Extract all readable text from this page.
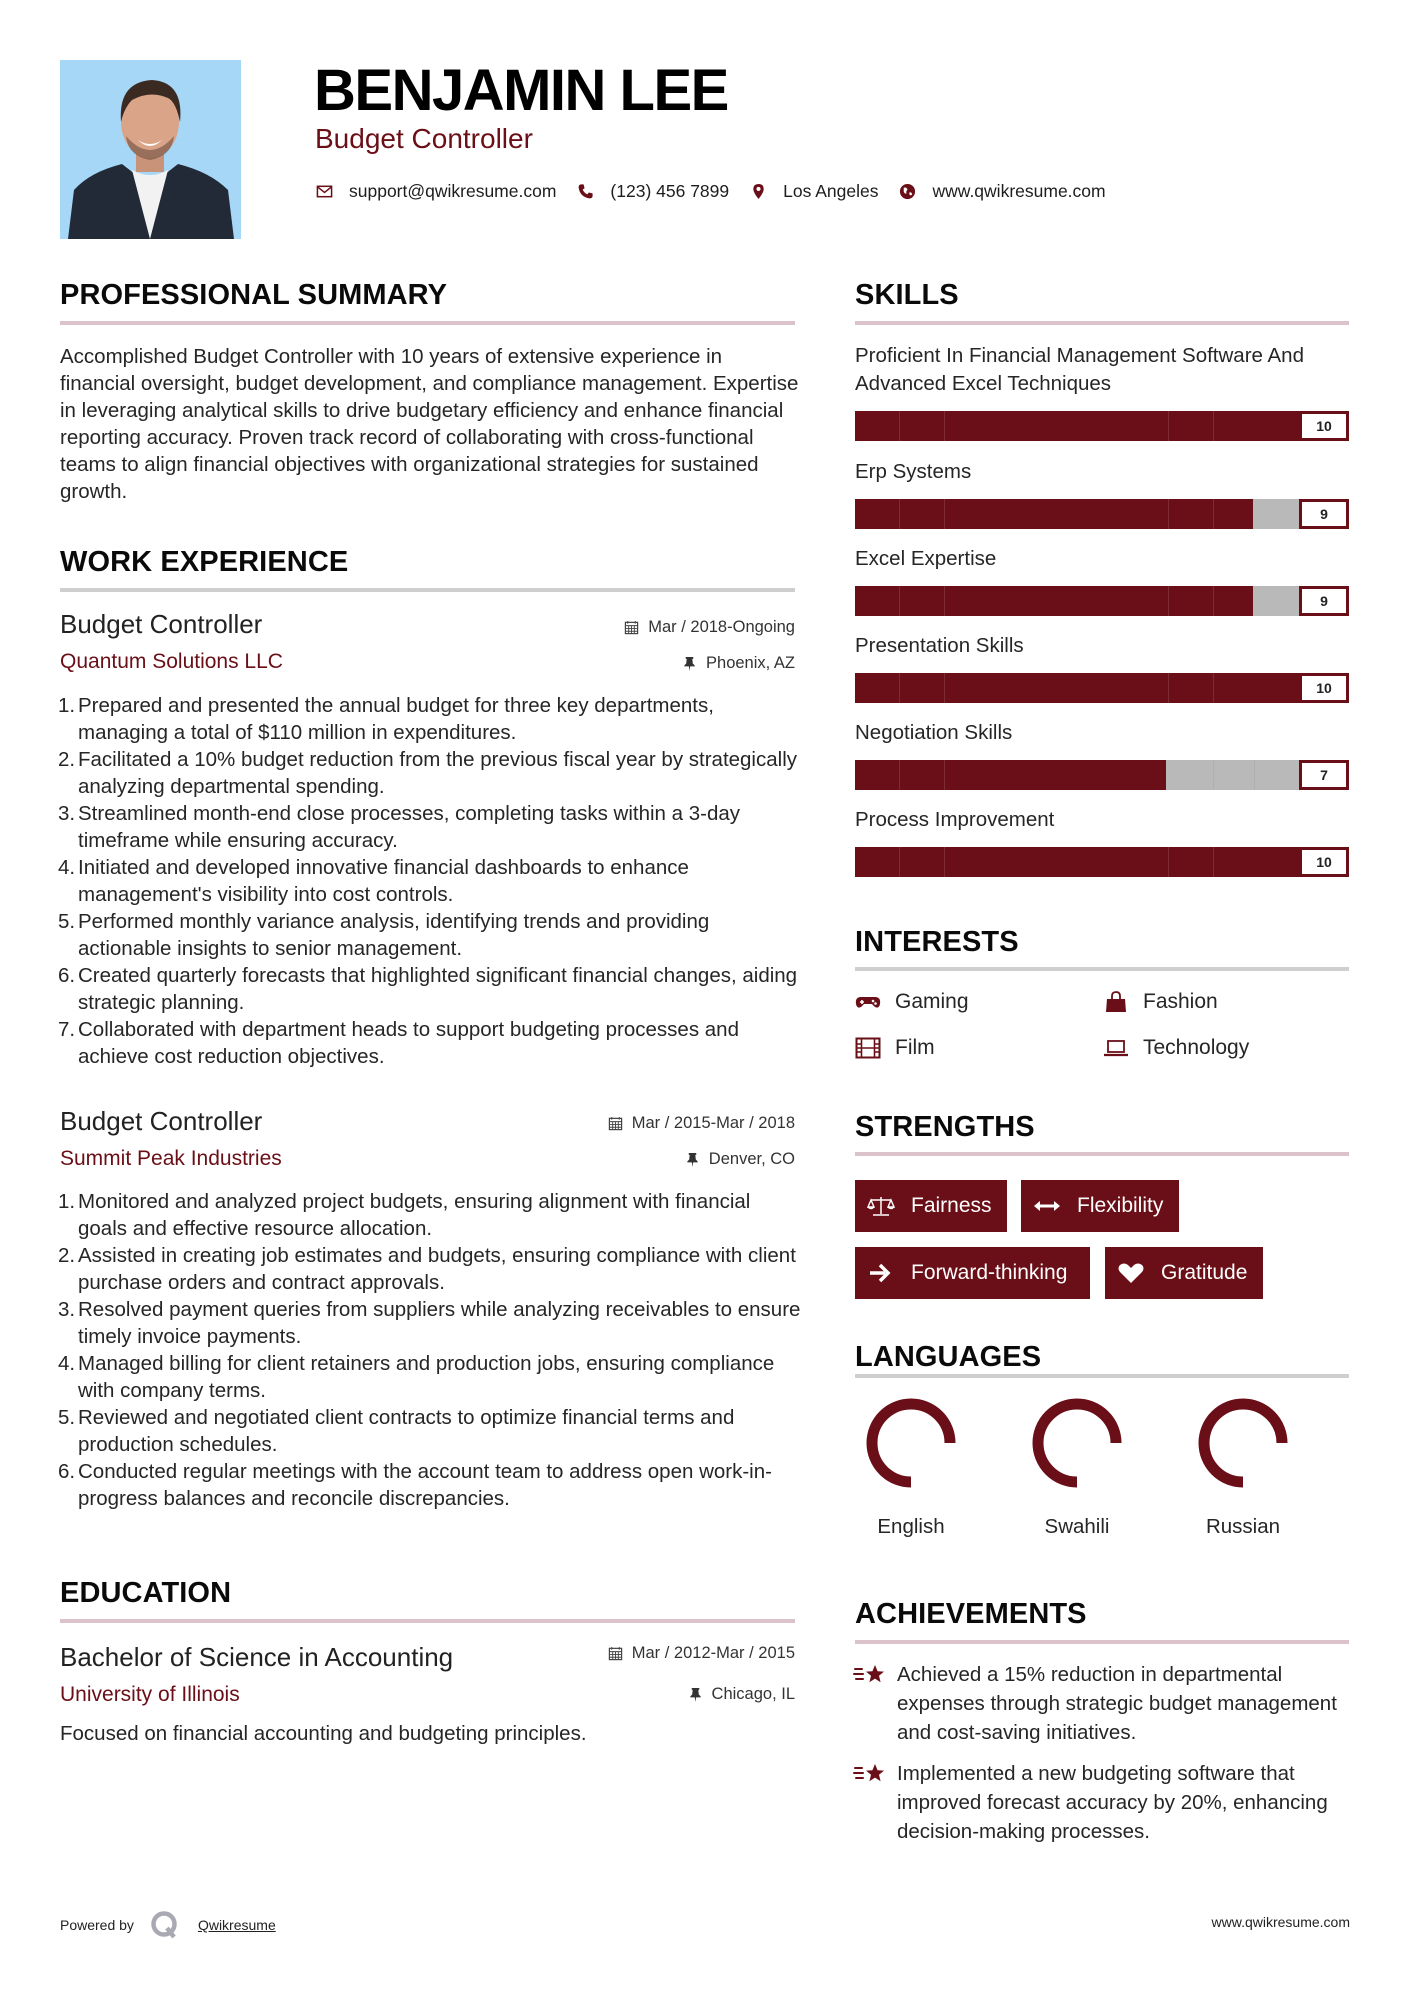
BENJAMIN LEE
Budget Controller
support@qwikresume.com	(123) 456 7899	Los Angeles	www.qwikresume.com
PROFESSIONAL SUMMARY
Accomplished Budget Controller with 10 years of extensive experience in financial oversight, budget development, and compliance management. Expertise in leveraging analytical skills to drive budgetary efficiency and enhance financial reporting accuracy. Proven track record of collaborating with cross-functional teams to align financial objectives with organizational strategies for sustained growth.
WORK EXPERIENCE
Budget Controller	Mar / 2018-Ongoing
Quantum Solutions LLC	Phoenix, AZ
1. Prepared and presented the annual budget for three key departments, managing a total of $110 million in expenditures.
2. Facilitated a 10% budget reduction from the previous fiscal year by strategically analyzing departmental spending.
3. Streamlined month-end close processes, completing tasks within a 3-day timeframe while ensuring accuracy.
4. Initiated and developed innovative financial dashboards to enhance management's visibility into cost controls.
5. Performed monthly variance analysis, identifying trends and providing actionable insights to senior management.
6. Created quarterly forecasts that highlighted significant financial changes, aiding strategic planning.
7. Collaborated with department heads to support budgeting processes and achieve cost reduction objectives.
Budget Controller	Mar / 2015-Mar / 2018
Summit Peak Industries	Denver, CO
1. Monitored and analyzed project budgets, ensuring alignment with financial goals and effective resource allocation.
2. Assisted in creating job estimates and budgets, ensuring compliance with client purchase orders and contract approvals.
3. Resolved payment queries from suppliers while analyzing receivables to ensure timely invoice payments.
4. Managed billing for client retainers and production jobs, ensuring compliance with company terms.
5. Reviewed and negotiated client contracts to optimize financial terms and production schedules.
6. Conducted regular meetings with the account team to address open work-in-progress balances and reconcile discrepancies.
EDUCATION
Bachelor of Science in Accounting	Mar / 2012-Mar / 2015
University of Illinois	Chicago, IL
Focused on financial accounting and budgeting principles.
SKILLS
Proficient In Financial Management Software And Advanced Excel Techniques
10
Erp Systems
9
Excel Expertise
9
Presentation Skills
10
Negotiation Skills
7
Process Improvement
10
INTERESTS
Gaming	Fashion
Film	Technology
STRENGTHS
Fairness	Flexibility
Forward-thinking	Gratitude
LANGUAGES
English	Swahili	Russian
ACHIEVEMENTS
Achieved a 15% reduction in departmental expenses through strategic budget management and cost-saving initiatives.
Implemented a new budgeting software that improved forecast accuracy by 20%, enhancing decision-making processes.
Powered by	Qwikresume	www.qwikresume.com
